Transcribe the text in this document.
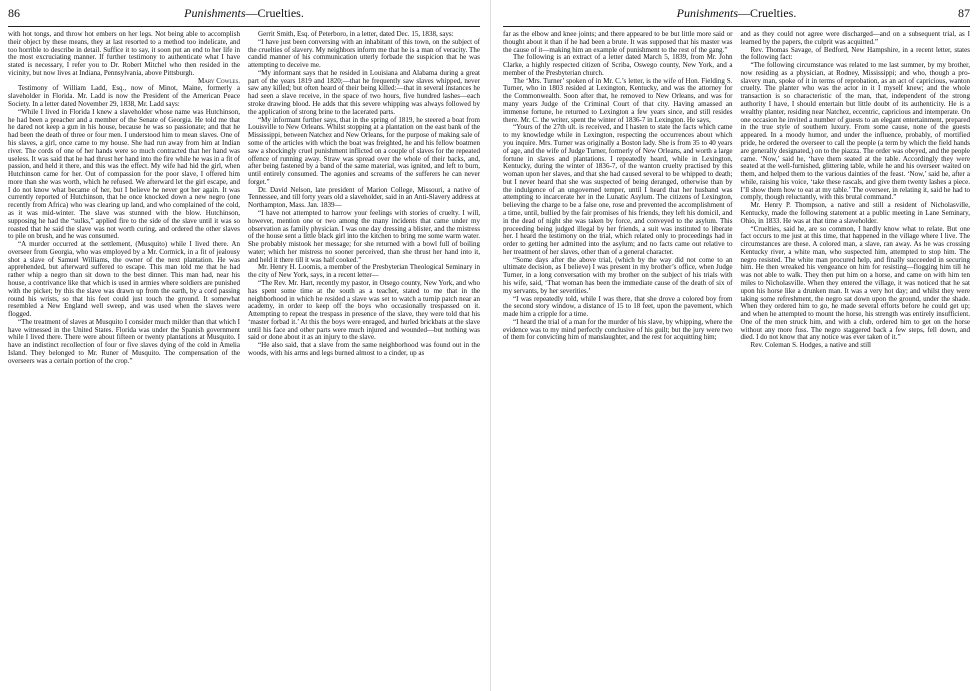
86	Punishments—Cruelties.

with hot tongs, and throw hot embers on her legs. Not being able to accomplish their object by these means, they at last resorted to a method too indelicate, and too horrible to describe in detail. Suffice it to say, it soon put an end to her life in the most excruciating manner. If further testimony to authenticate what I have stated is necessary, I refer you to Dr. Robert Mitchel who then resided in the vicinity, but now lives at Indiana, Pennsylvania, above Pittsburgh.

Mary Cowles.

Testimony of William Ladd, Esq., now of Minot, Maine, formerly a slaveholder in Florida. Mr. Ladd is now the President of the American Peace Society. In a letter dated November 29, 1838, Mr. Ladd says:

“While I lived in Florida I knew a slaveholder whose name was Hutchinson, he had been a preacher and a member of the Senate of Georgia. He told me that he dared not keep a gun in his house, because he was so passionate; and that he had been the death of three or four men. I understood him to mean slaves. One of his slaves, a girl, once came to my house. She had run away from him at Indian river. The cords of one of her hands were so much contracted that her hand was useless. It was said that he had thrust her hand into the fire while he was in a fit of passion, and held it there, and this was the effect. My wife had hid the girl, when Hutchinson came for her. Out of compassion for the poor slave, I offered him more than she was worth, which he refused. We afterward let the girl escape, and I do not know what became of her, but I believe he never got her again. It was currently reported of Hutchinson, that he once knocked down a new negro (one recently from Africa) who was clearing up land, and who complained of the cold, as it was mid-winter. The slave was stunned with the blow. Hutchinson, supposing he had the “sulks,” applied fire to the side of the slave until it was so roasted that he said the slave was not worth curing, and ordered the other slaves to pile on brush, and he was consumed.

“A murder occurred at the settlement, (Musquito) while I lived there. An overseer from Georgia, who was employed by a Mr. Cormick, in a fit of jealousy shot a slave of Samuel Williams, the owner of the next plantation. He was apprehended, but afterward suffered to escape. This man told me that he had rather whip a negro than sit down to the best dinner. This man had, near his house, a contrivance like that which is used in armies where soldiers are punished with the picket; by this the slave was drawn up from the earth, by a cord passing round his wrists, so that his feet could just touch the ground. It somewhat resembled a New England well sweep, and was used when the slaves were flogged.

“The treatment of slaves at Musquito I consider much milder than that which I have witnessed in the United States. Florida was under the Spanish government while I lived there. There were about fifteen or twenty plantations at Musquito. I have an indistinct recollection of four or five slaves dying of the cold in Amelia Island. They belonged to Mr. Runer of Musquito. The compensation of the overseers was a certain portion of the crop.”

Gerrit Smith, Esq. of Peterboro, in a letter, dated Dec. 15, 1838, says:

“I have just been conversing with an inhabitant of this town, on the subject of the cruelties of slavery. My neighbors inform me that he is a man of veracity. The candid manner of his communication utterly forbade the suspicion that he was attempting to deceive me.

“My informant says that he resided in Louisiana and Alabama during a great part of the years 1819 and 1820;—that he frequently saw slaves whipped, never saw any killed; but often heard of their being killed:—that in several instances he had seen a slave receive, in the space of two hours, five hundred lashes—each stroke drawing blood. He adds that this severe whipping was always followed by the application of strong brine to the lacerated parts.

“My informant further says, that in the spring of 1819, he steered a boat from Louisville to New Orleans. Whilst stopping at a plantation on the east bank of the Mississippi, between Natchez and New Orleans, for the purpose of making sale of some of the articles with which the boat was freighted, he and his fellow boatmen saw a shockingly cruel punishment inflicted on a couple of slaves for the repeated offence of running away. Straw was spread over the whole of their backs, and, after being fastened by a band of the same material, was ignited, and left to burn, until entirely consumed. The agonies and screams of the sufferers he can never forget.”

Dr. David Nelson, late president of Marion College, Missouri, a native of Tennessee, and till forty years old a slaveholder, said in an Anti-Slavery address at Northampton, Mass. Jan. 1839—

“I have not attempted to harrow your feelings with stories of cruelty. I will, however, mention one or two among the many incidents that came under my observation as family physician. I was one day dressing a blister, and the mistress of the house sent a little black girl into the kitchen to bring me some warm water. She probably mistook her message; for she returned with a bowl full of boiling water; which her mistress no sooner perceived, than she thrust her hand into it, and held it there till it was half cooked.”

Mr. Henry H. Loomis, a member of the Presbyterian Theological Seminary in the city of New York, says, in a recent letter—

“The Rev. Mr. Hart, recently my pastor, in Otsego county, New York, and who has spent some time at the south as a teacher, stated to me that in the neighborhood in which he resided a slave was set to watch a turnip patch near an academy, in order to keep off the boys who occasionally trespassed on it. Attempting to repeat the trespass in presence of the slave, they were told that his ‘master forbad it.’ At this the boys were enraged, and hurled brickbats at the slave until his face and other parts were much injured and wounded—but nothing was said or done about it as an injury to the slave.

“He also said, that a slave from the same neighborhood was found out in the woods, with his arms and legs burned almost to a cinder, up as

Punishments—Cruelties.	87

far as the elbow and knee joints; and there appeared to be but little more said or thought about it than if he had been a brute. It was supposed that his master was the cause of it—making him an example of punishment to the rest of the gang.”

The following is an extract of a letter dated March 5, 1839, from Mr. John Clarke, a highly respected citizen of Scriba, Oswego county, New York, and a member of the Presbyterian church.

The ‘Mrs. Turner’ spoken of in Mr. C.’s letter, is the wife of Hon. Fielding S. Turner, who in 1803 resided at Lexington, Kentucky, and was the attorney for the Commonwealth. Soon after that, he removed to New Orleans, and was for many years Judge of the Criminal Court of that city. Having amassed an immense fortune, he returned to Lexington a few years since, and still resides there. Mr. C. the writer, spent the winter of 1836-7 in Lexington. He says,

“Yours of the 27th ult. is received, and I hasten to state the facts which came to my knowledge while in Lexington, respecting the occurrences about which you inquire. Mrs. Turner was originally a Boston lady. She is from 35 to 40 years of age, and the wife of Judge Turner, formerly of New Orleans, and worth a large fortune in slaves and plantations. I repeatedly heard, while in Lexington, Kentucky, during the winter of 1836-7, of the wanton cruelty practised by this woman upon her slaves, and that she had caused several to be whipped to death; but I never heard that she was suspected of being deranged, otherwise than by the indulgence of an ungoverned temper, until I heard that her husband was attempting to incarcerate her in the Lunatic Asylum. The citizens of Lexington, believing the charge to be a false one, rose and prevented the accomplishment of a time, until, bullied by the fair promises of his friends, they left his domicil, and in the dead of night she was taken by force, and conveyed to the asylum. This proceeding being judged illegal by her friends, a suit was instituted to liberate her. I heard the testimony on the trial, which related only to proceedings had in order to getting her admitted into the asylum; and no facts came out relative to her treatment of her slaves, other than of a general character.

“Some days after the above trial, (which by the way did not come to an ultimate decision, as I believe) I was present in my brother’s office, when Judge Turner, in a long conversation with my brother on the subject of his trials with his wife, said, ‘That woman has been the immediate cause of the death of six of my servants, by her severities.’

“I was repeatedly told, while I was there, that she drove a colored boy from the second story window, a distance of 15 to 18 feet, upon the pavement, which made him a cripple for a time.

“I heard the trial of a man for the murder of his slave, by whipping, where the evidence was to my mind perfectly conclusive of his guilt; but the jury were two of them for convicting him of manslaughter, and the rest for acquitting him;

and as they could not agree were discharged—and on a subsequent trial, as I learned by the papers, the culprit was acquitted.”

Rev. Thomas Savage, of Bedford, New Hampshire, in a recent letter, states the following fact:

“The following circumstance was related to me last summer, by my brother, now residing as a physician, at Rodney, Mississippi; and who, though a pro-slavery man, spoke of it in terms of reprobation, as an act of capricious, wanton cruelty. The planter who was the actor in it I myself knew; and the whole transaction is so characteristic of the man, that, independent of the strong authority I have, I should entertain but little doubt of its authenticity. He is a wealthy planter, residing near Natchez, eccentric, capricious and intemperate. On one occasion he invited a number of guests to an elegant entertainment, prepared in the true style of southern luxury. From some cause, none of the guests appeared. In a moody humor, and under the influence, probably, of mortified pride, he ordered the overseer to call the people (a term by which the field hands are generally designated,) on to the piazza. The order was obeyed, and the people came. ‘Now,’ said he, ‘have them seated at the table. Accordingly they were seated at the well-furnished, glittering table, while he and his overseer waited on them, and helped them to the various dainties of the feast. ‘Now,’ said he, after a while, raising his voice, ‘take these rascals, and give them twenty lashes a piece. I’ll show them how to eat at my table.’ The overseer, in relating it, said he had to comply, though reluctantly, with this brutal command.”

Mr. Henry P. Thompson, a native and still a resident of Nicholasville, Kentucky, made the following statement at a public meeting in Lane Seminary, Ohio, in 1833. He was at that time a slaveholder.

“Cruelties, said he, are so common, I hardly know what to relate. But one fact occurs to me just at this time, that happened in the village where I live. The circumstances are these. A colored man, a slave, ran away. As he was crossing Kentucky river, a white man, who suspected him, attempted to stop him. The negro resisted. The white man procured help, and finally succeeded in securing him. He then wreaked his vengeance on him for resisting—flogging him till he was not able to walk. They then put him on a horse, and came on with him ten miles to Nicholasville. When they entered the village, it was noticed that he sat upon his horse like a drunken man. It was a very hot day; and whilst they were taking some refreshment, the negro sat down upon the ground, under the shade. When they ordered him to go, he made several efforts before he could get up; and when he attempted to mount the horse, his strength was entirely insufficient. One of the men struck him, and with a club, ordered him to get on the horse without any more fuss. The negro staggered back a few steps, fell down, and died. I do not know that any notice was ever taken of it.”

Rev. Coleman S. Hodges, a native and still
